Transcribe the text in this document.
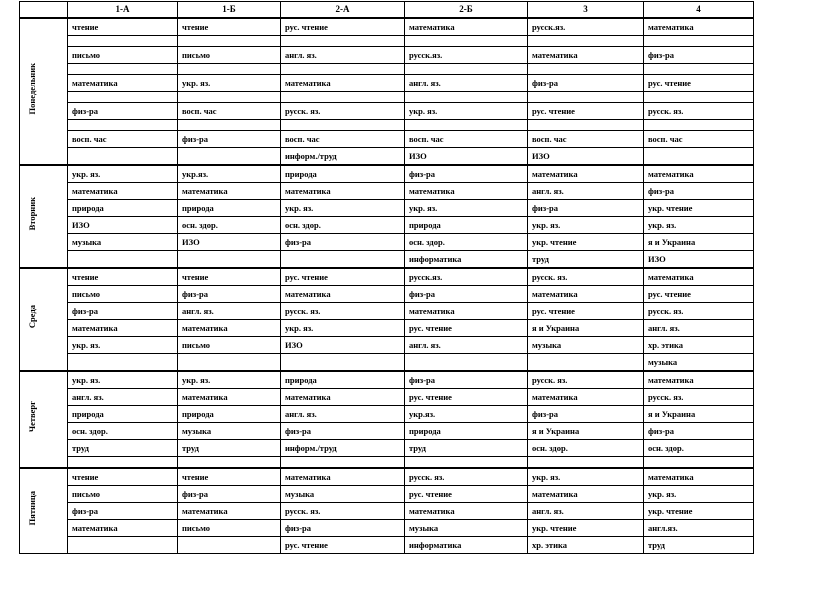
	1-А	1-Б	2-А	2-Б	3	4
Понедельник	чтение	чтение	рус. чтение	математика	русск.яз.	математика

	письмо	письмо	англ. яз.	русск.яз.	математика	физ-ра

	математика	укр. яз.	математика	англ. яз.	физ-ра	рус. чтение

	физ-ра	восп. час	русск. яз.	укр. яз.	рус. чтение	русск. яз.

	восп. час	физ-ра	восп. час	восп. час	восп. час	восп. час
			информ./труд	ИЗО	ИЗО	
Вторник	укр. яз.	укр.яз.	природа	физ-ра	математика	математика
	математика	математика	математика	математика	англ. яз.	физ-ра
	природа	природа	укр. яз.	укр. яз.	физ-ра	укр. чтение
	ИЗО	осн. здор.	осн. здор.	природа	укр. яз.	укр. яз.
	музыка	ИЗО	физ-ра	осн. здор.	укр. чтение	я и Украина
				информатика	труд	ИЗО
Среда	чтение	чтение	рус. чтение	русск.яз.	русск. яз.	математика
	письмо	физ-ра	математика	физ-ра	математика	рус. чтение
	физ-ра	англ. яз.	русск. яз.	математика	рус. чтение	русск. яз.
	математика	математика	укр. яз.	рус. чтение	я и Украина	англ. яз.
	укр. яз.	письмо	ИЗО	англ. яз.	музыка	хр. этика
						музыка
Четверг	укр. яз.	укр. яз.	природа	физ-ра	русск. яз.	математика
	англ. яз.	математика	математика	рус. чтение	математика	русск. яз.
	природа	природа	англ. яз.	укр.яз.	физ-ра	я и Украина
	осн. здор.	музыка	физ-ра	природа	я и Украина	физ-ра
	труд	труд	информ./труд	труд	осн. здор.	осн. здор.

Пятница	чтение	чтение	математика	русск. яз.	укр. яз.	математика
	письмо	физ-ра	музыка	рус. чтение	математика	укр. яз.
	физ-ра	математика	русск. яз.	математика	англ. яз.	укр. чтение
	математика	письмо	физ-ра	музыка	укр. чтение	англ.яз.
			рус. чтение	информатика	хр. этика	труд
